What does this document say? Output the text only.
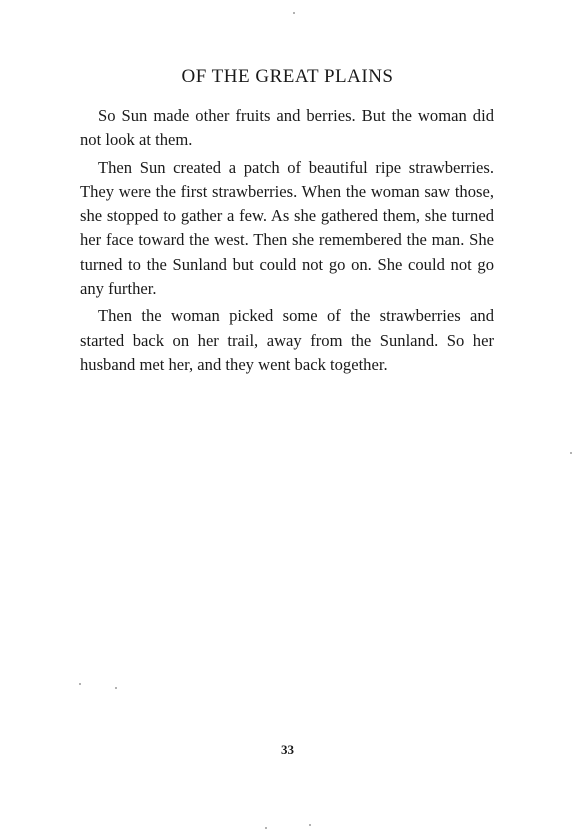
OF THE GREAT PLAINS

So Sun made other fruits and berries. But the woman did not look at them.

Then Sun created a patch of beautiful ripe strawberries. They were the first strawberries. When the woman saw those, she stopped to gather a few. As she gathered them, she turned her face toward the west. Then she remembered the man. She turned to the Sunland but could not go on. She could not go any further.

Then the woman picked some of the strawberries and started back on her trail, away from the Sunland. So her husband met her, and they went back together.

33
